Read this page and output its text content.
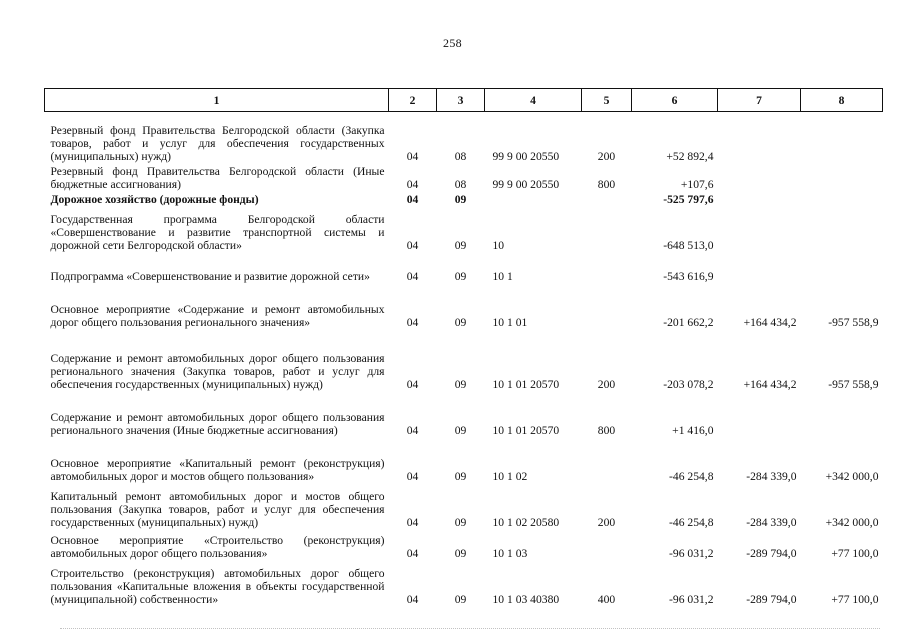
258
1	2	3	4	5	6	7	8
Резервный фонд Правительства Белгородской области (Закупка товаров, работ и услуг для обеспечения государственных (муниципальных) нужд)	04	08	99 9 00 20550	200	+52 892,4		
Резервный фонд Правительства Белгородской области (Иные бюджетные ассигнования)	04	08	99 9 00 20550	800	+107,6		
Дорожное хозяйство (дорожные фонды)	04	09			-525 797,6		
Государственная программа Белгородской области «Совершенствование и развитие транспортной системы и дорожной сети Белгородской области»	04	09	10		-648 513,0		
Подпрограмма «Совершенствование и развитие дорожной сети»	04	09	10 1		-543 616,9		
Основное мероприятие «Содержание и ремонт автомобильных дорог общего пользования регионального значения»	04	09	10 1 01		-201 662,2	+164 434,2	-957 558,9
Содержание и ремонт автомобильных дорог общего пользования регионального значения (Закупка товаров, работ и услуг для обеспечения государственных (муниципальных) нужд)	04	09	10 1 01 20570	200	-203 078,2	+164 434,2	-957 558,9
Содержание и ремонт автомобильных дорог общего пользования регионального значения (Иные бюджетные ассигнования)	04	09	10 1 01 20570	800	+1 416,0		
Основное мероприятие «Капитальный ремонт (реконструкция) автомобильных дорог и мостов общего пользования»	04	09	10 1 02		-46 254,8	-284 339,0	+342 000,0
Капитальный ремонт автомобильных дорог и мостов общего пользования (Закупка товаров, работ и услуг для обеспечения государственных (муниципальных) нужд)	04	09	10 1 02 20580	200	-46 254,8	-284 339,0	+342 000,0
Основное мероприятие «Строительство (реконструкция) автомобильных дорог общего пользования»	04	09	10 1 03		-96 031,2	-289 794,0	+77 100,0
Строительство (реконструкция) автомобильных дорог общего пользования «Капитальные вложения в объекты государственной (муниципальной) собственности»	04	09	10 1 03 40380	400	-96 031,2	-289 794,0	+77 100,0
